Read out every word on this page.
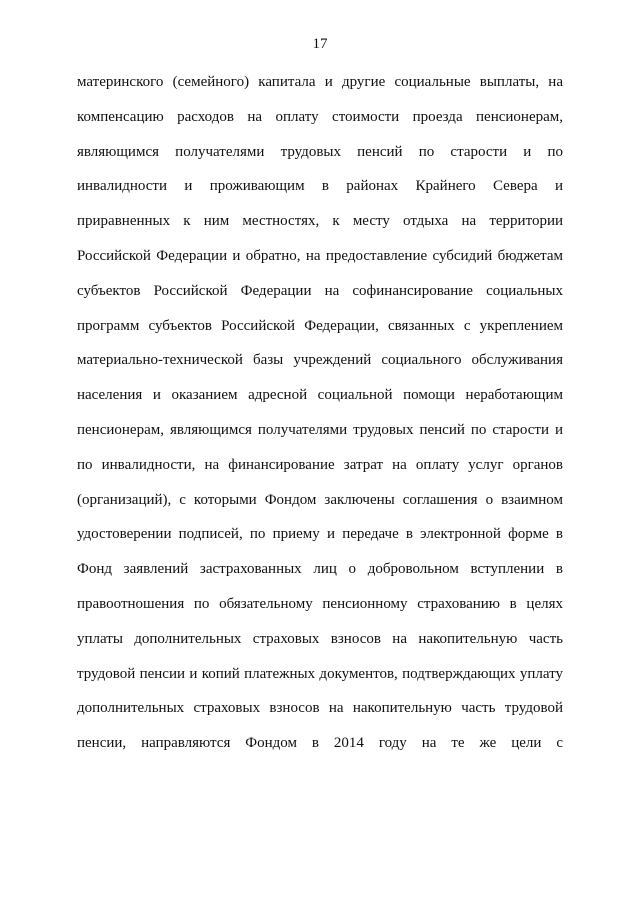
17
материнского (семейного) капитала и другие социальные выплаты, на
компенсацию расходов на оплату стоимости проезда пенсионерам,
являющимся получателями трудовых пенсий по старости и по
инвалидности и проживающим в районах Крайнего Севера и
приравненных к ним местностях, к месту отдыха на территории
Российской Федерации и обратно, на предоставление субсидий бюджетам
субъектов Российской Федерации на софинансирование социальных
программ субъектов Российской Федерации, связанных с укреплением
материально-технической базы учреждений социального обслуживания
населения и оказанием адресной социальной помощи неработающим
пенсионерам, являющимся получателями трудовых пенсий по старости и
по инвалидности, на финансирование затрат на оплату услуг органов
(организаций), с которыми Фондом заключены соглашения о взаимном
удостоверении подписей, по приему и передаче в электронной форме в
Фонд заявлений застрахованных лиц о добровольном вступлении в
правоотношения по обязательному пенсионному страхованию в целях
уплаты дополнительных страховых взносов на накопительную часть
трудовой пенсии и копий платежных документов, подтверждающих уплату
дополнительных страховых взносов на накопительную часть трудовой
пенсии, направляются Фондом в 2014 году на те же цели с
